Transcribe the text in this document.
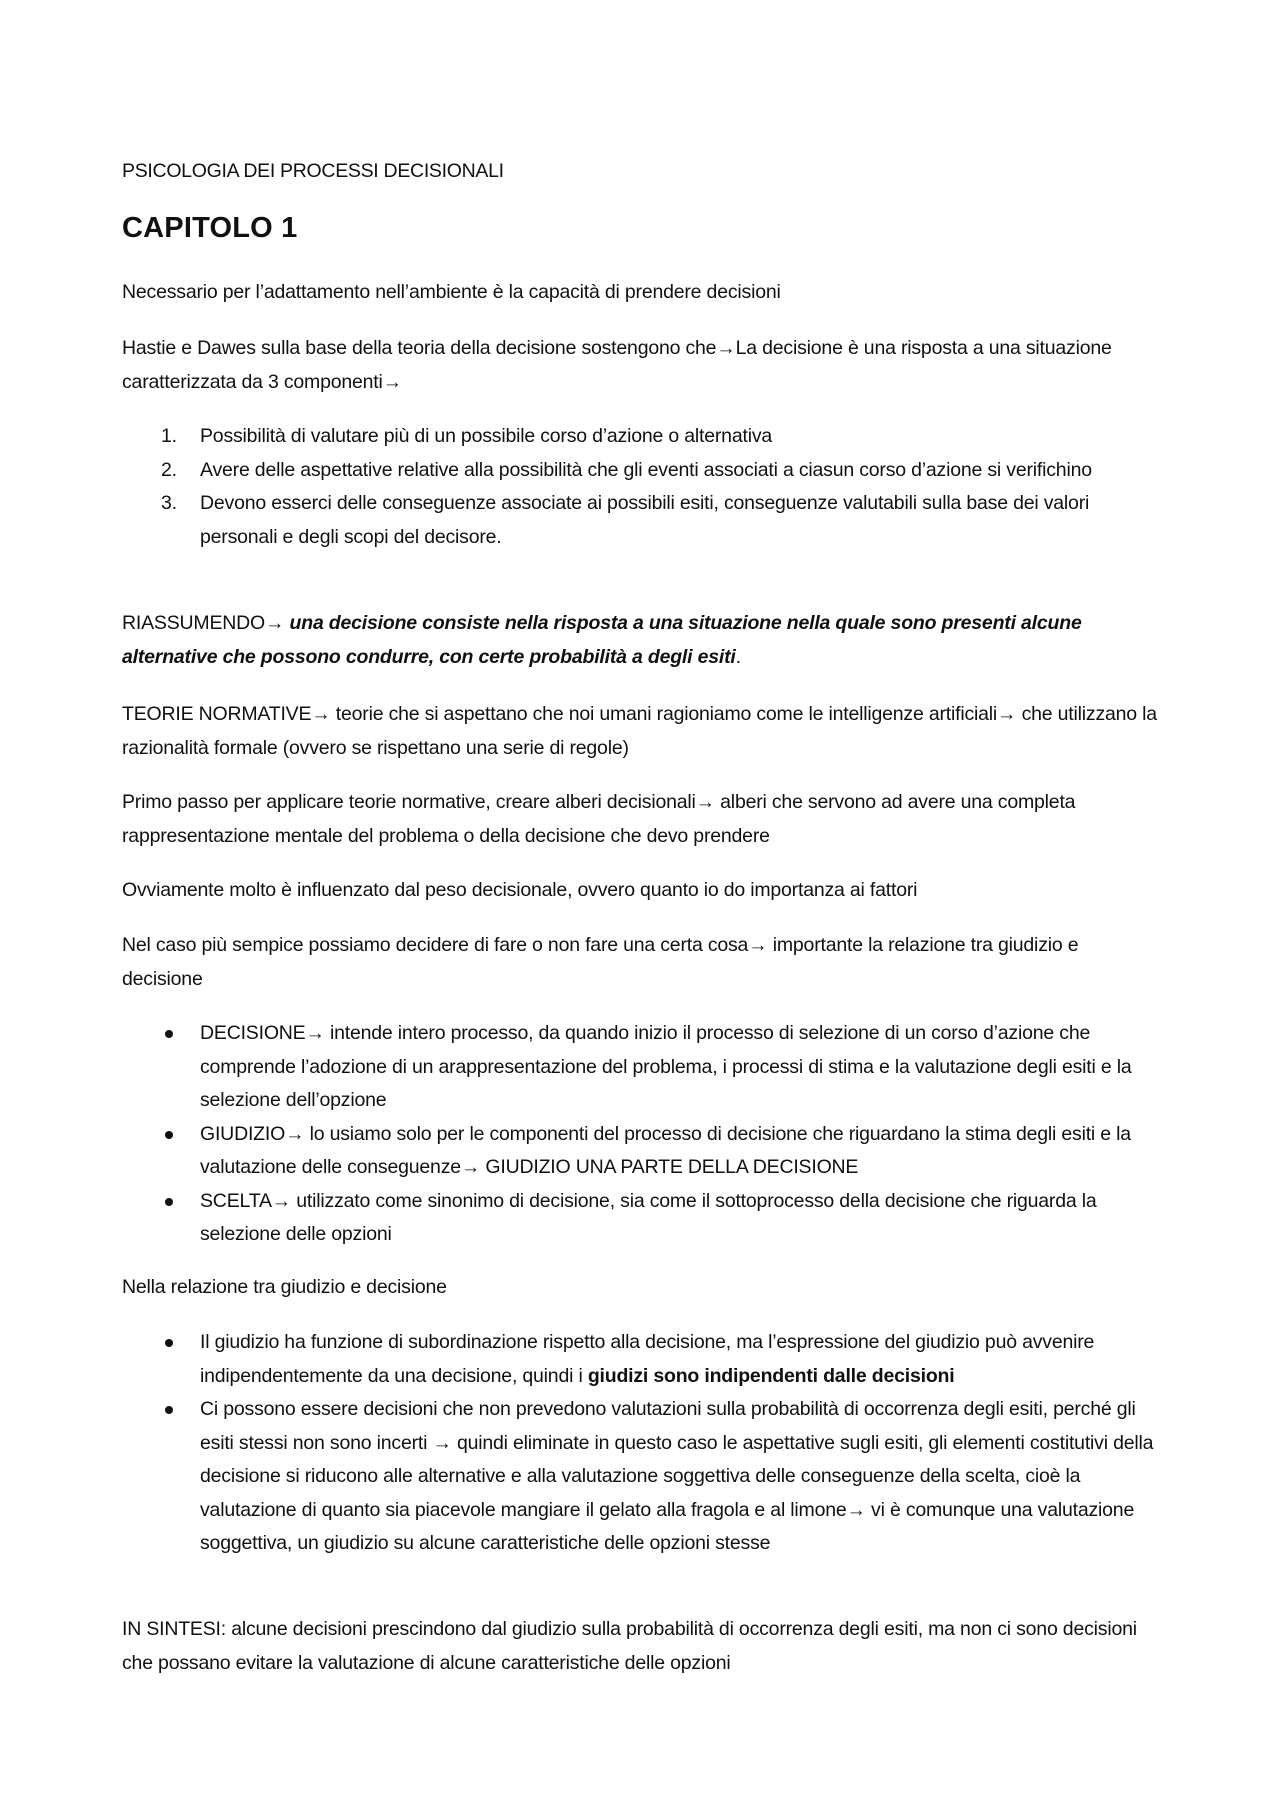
PSICOLOGIA DEI PROCESSI DECISIONALI

CAPITOLO 1

Necessario per l’adattamento nell’ambiente è la capacità di prendere decisioni

Hastie e Dawes sulla base della teoria della decisione sostengono che→La decisione è una risposta a una situazione caratterizzata da 3 componenti→

1. Possibilità di valutare più di un possibile corso d’azione o alternativa
2. Avere delle aspettative relative alla possibilità che gli eventi associati a ciasun corso d’azione si verifichino
3. Devono esserci delle conseguenze associate ai possibili esiti, conseguenze valutabili sulla base dei valori personali e degli scopi del decisore.

RIASSUMENDO→ una decisione consiste nella risposta a una situazione nella quale sono presenti alcune alternative che possono condurre, con certe probabilità a degli esiti.

TEORIE NORMATIVE→ teorie che si aspettano che noi umani ragioniamo come le intelligenze artificiali→ che utilizzano la razionalità formale (ovvero se rispettano una serie di regole)

Primo passo per applicare teorie normative, creare alberi decisionali→ alberi che servono ad avere una completa rappresentazione mentale del problema o della decisione che devo prendere

Ovviamente molto è influenzato dal peso decisionale, ovvero quanto io do importanza ai fattori

Nel caso più sempice possiamo decidere di fare o non fare una certa cosa→ importante la relazione tra giudizio e decisione

DECISIONE→ intende intero processo, da quando inizio il processo di selezione di un corso d’azione che comprende l’adozione di un arappresentazione del problema, i processi di stima e la valutazione degli esiti e la selezione dell’opzione
GIUDIZIO→ lo usiamo solo per le componenti del processo di decisione che riguardano la stima degli esiti e la valutazione delle conseguenze→ GIUDIZIO UNA PARTE DELLA DECISIONE
SCELTA→ utilizzato come sinonimo di decisione, sia come il sottoprocesso della decisione che riguarda la selezione delle opzioni

Nella relazione tra giudizio e decisione

Il giudizio ha funzione di subordinazione rispetto alla decisione, ma l’espressione del giudizio può avvenire indipendentemente da una decisione, quindi i giudizi sono indipendenti dalle decisioni
Ci possono essere decisioni che non prevedono valutazioni sulla probabilità di occorrenza degli esiti, perché gli esiti stessi non sono incerti → quindi eliminate in questo caso le aspettative sugli esiti, gli elementi costitutivi della decisione si riducono alle alternative e alla valutazione soggettiva delle conseguenze della scelta, cioè la valutazione di quanto sia piacevole mangiare il gelato alla fragola e al limone→ vi è comunque una valutazione soggettiva, un giudizio su alcune caratteristiche delle opzioni stesse

IN SINTESI: alcune decisioni prescindono dal giudizio sulla probabilità di occorrenza degli esiti, ma non ci sono decisioni che possano evitare la valutazione di alcune caratteristiche delle opzioni
